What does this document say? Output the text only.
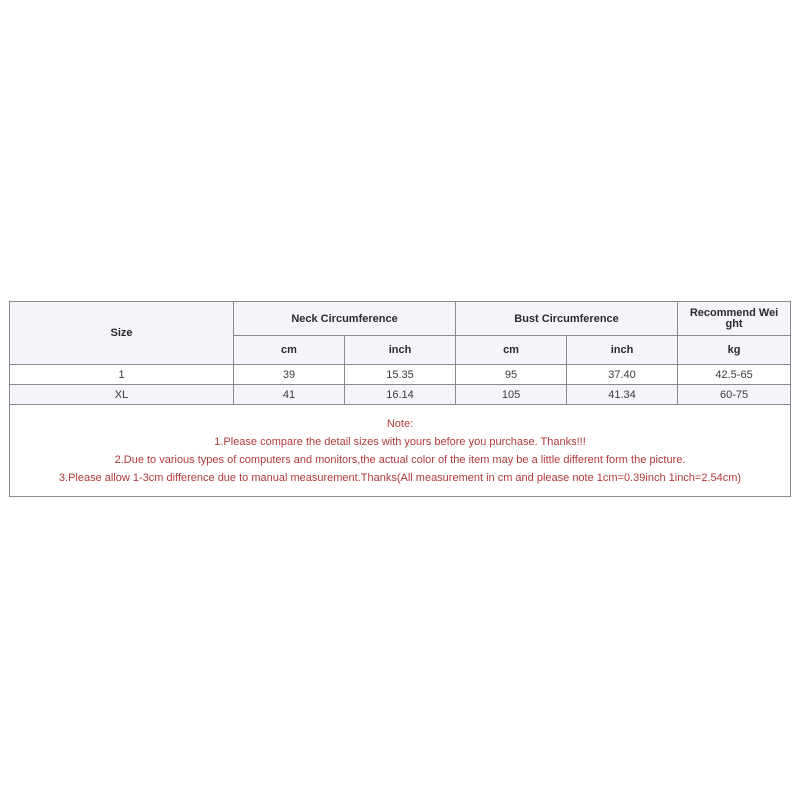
Size	Neck Circumference		Bust Circumference		Recommend Wei
ght

	cm	inch	cm	inch	kg
1	39	15.35	95	37.40	42.5-65
XL	41	16.14	105	41.34	60-75

Note:
1.Please compare the detail sizes with yours before you purchase. Thanks!!!
2.Due to various types of computers and monitors,the actual color of the item may be a little different form the picture.
3.Please allow 1-3cm difference due to manual measurement.Thanks(All measurement in cm and please note 1cm=0.39inch 1inch=2.54cm)					
